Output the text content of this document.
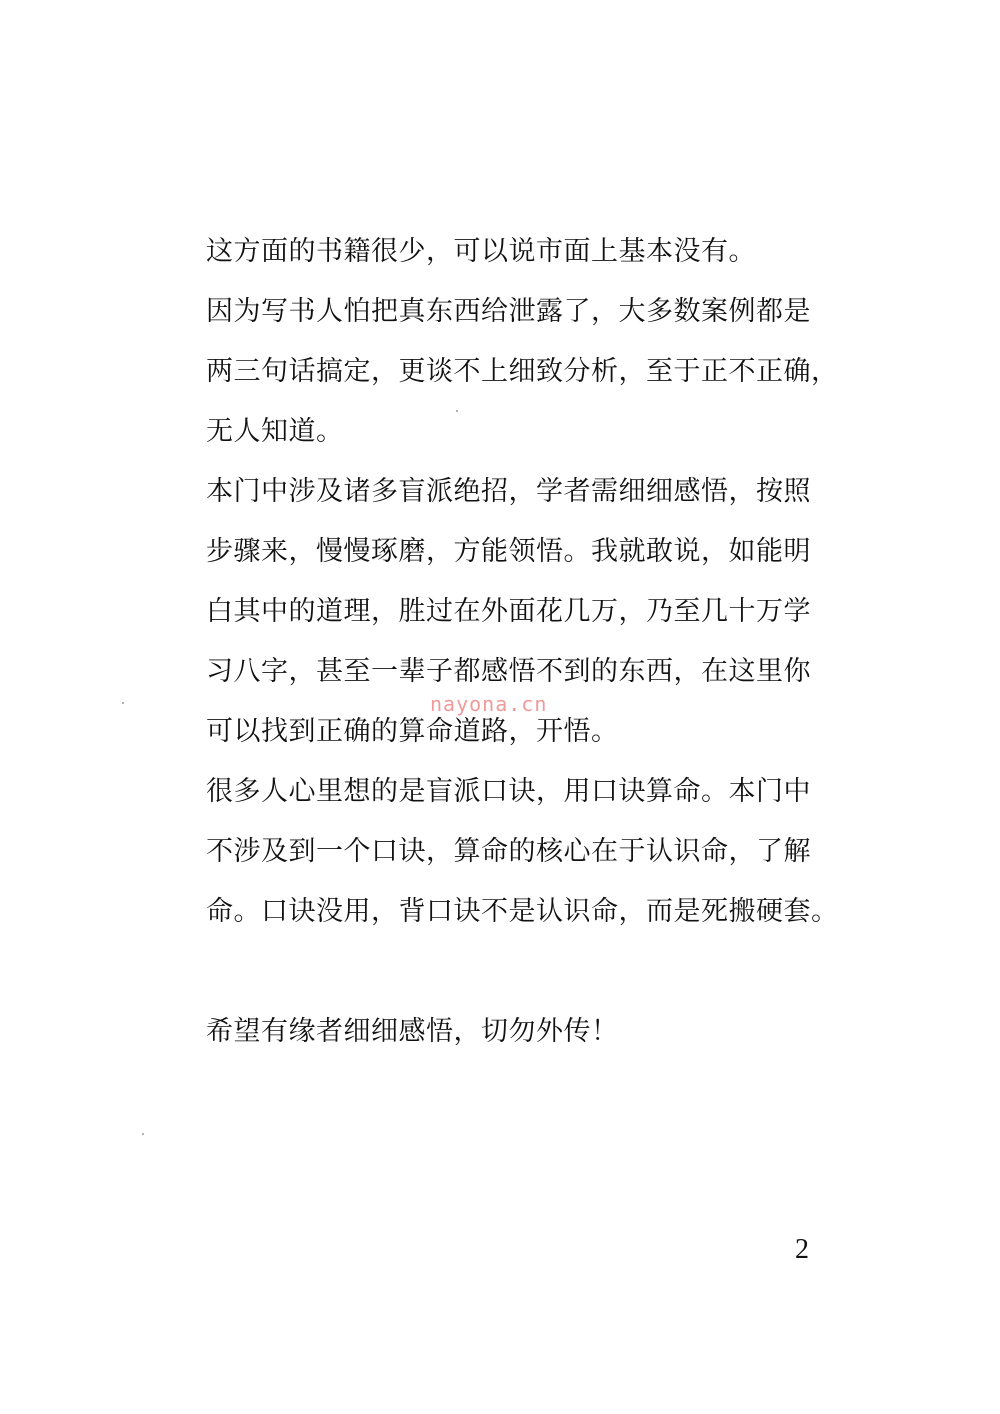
这方面的书籍很少，可以说市面上基本没有。
因为写书人怕把真东西给泄露了，大多数案例都是
两三句话搞定，更谈不上细致分析，至于正不正确，
无人知道。
本门中涉及诸多盲派绝招，学者需细细感悟，按照
步骤来，慢慢琢磨，方能领悟。我就敢说，如能明
白其中的道理，胜过在外面花几万，乃至几十万学
习八字，甚至一辈子都感悟不到的东西，在这里你
可以找到正确的算命道路，开悟。
很多人心里想的是盲派口诀，用口诀算命。本门中
不涉及到一个口诀，算命的核心在于认识命，了解
命。口诀没用，背口诀不是认识命，而是死搬硬套。
希望有缘者细细感悟，切勿外传！
nayona.cn
2
